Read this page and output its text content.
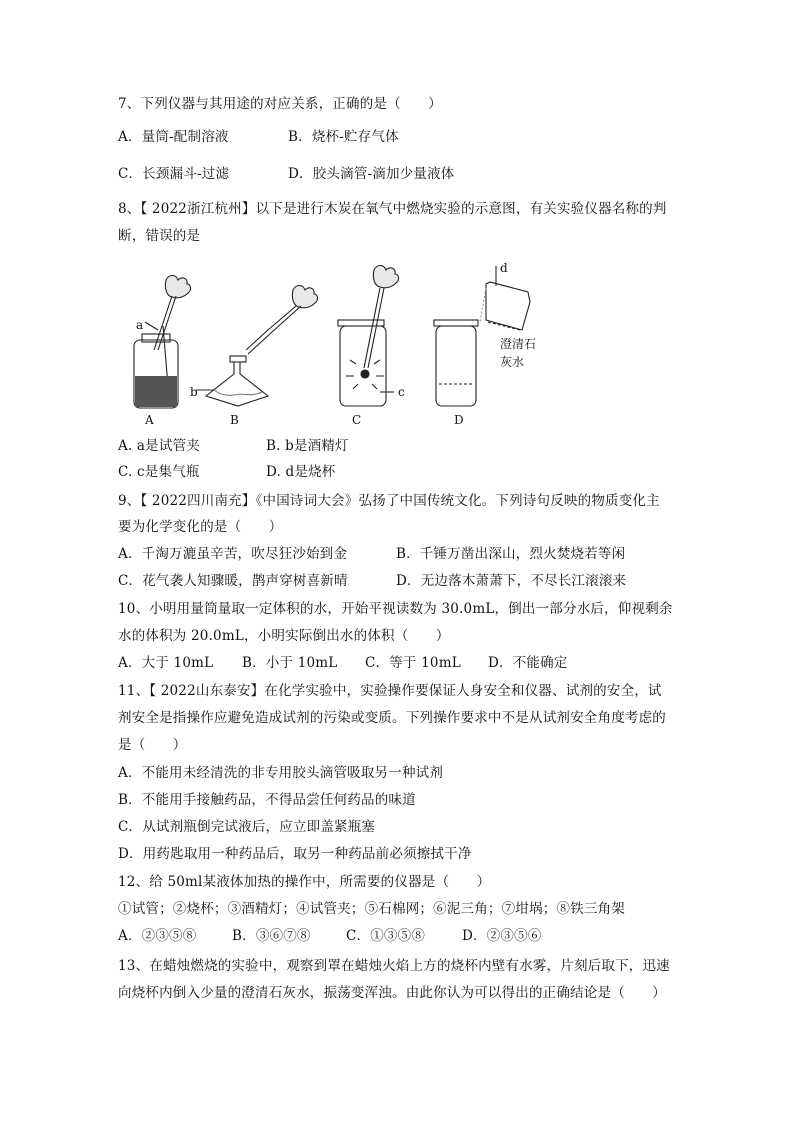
7、下列仪器与其用途的对应关系，正确的是（　　）
A．量筒-配制溶液	B．烧杯-贮存气体
C．长颈漏斗-过滤	D．胶头滴管-滴加少量液体
8、【 2022浙江杭州】以下是进行木炭在氧气中燃烧实验的示意图，有关实验仪器名称的判
断，错误的是
a
b	c
d
澄清石
灰水
A	B	C	D
A. a是试管夹	B. b是酒精灯
C. c是集气瓶	D. d是烧杯
9、【 2022四川南充】《中国诗词大会》弘扬了中国传统文化。下列诗句反映的物质变化主
要为化学变化的是（　　）
A．千淘万漉虽辛苦，吹尽狂沙始到金	B．千锤万凿出深山，烈火焚烧若等闲
C．花气袭人知骤暖，鹊声穿树喜新晴	D．无边落木萧萧下，不尽长江滚滚来
10、小明用量筒量取一定体积的水，开始平视读数为 30.0mL，倒出一部分水后，仰视剩余
水的体积为 20.0mL，小明实际倒出水的体积（　　）
A．大于 10mL B．小于 10mL C．等于 10mL D．不能确定
11、【 2022山东泰安】在化学实验中，实验操作要保证人身安全和仪器、试剂的安全，试
剂安全是指操作应避免造成试剂的污染或变质。下列操作要求中不是从试剂安全角度考虑的
是（　　）
A．不能用未经清洗的非专用胶头滴管吸取另一种试剂
B．不能用手接触药品，不得品尝任何药品的味道
C．从试剂瓶倒完试液后，应立即盖紧瓶塞
D．用药匙取用一种药品后，取另一种药品前必须擦拭干净
12、给 50ml某液体加热的操作中，所需要的仪器是（　　）
①试管；②烧杯；③酒精灯；④试管夹；⑤石棉网；⑥泥三角；⑦坩埚；⑧铁三角架
A．②③⑤⑧	B．③⑥⑦⑧	C．①③⑤⑧	D．②③⑤⑥
13、在蜡烛燃烧的实验中，观察到罩在蜡烛火焰上方的烧杯内壁有水雾，片刻后取下，迅速
向烧杯内倒入少量的澄清石灰水，振荡变浑浊。由此你认为可以得出的正确结论是（　　）
